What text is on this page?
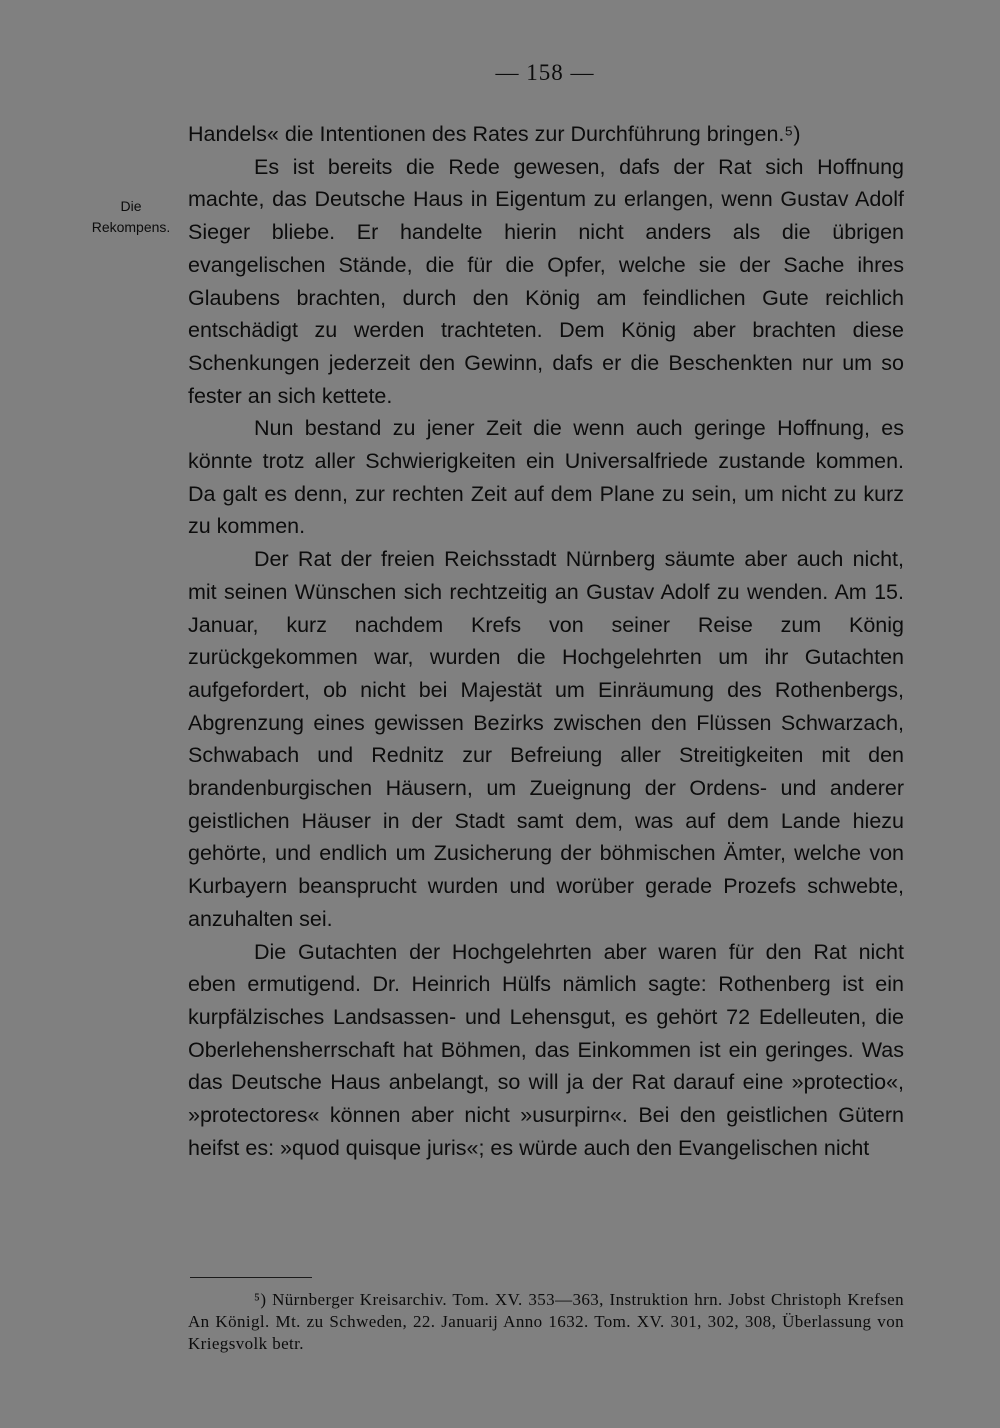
— 158 —
Die
Rekompens.

Handels« die Intentionen des Rates zur Durchführung bringen.⁵)

Es ist bereits die Rede gewesen, dafs der Rat sich Hoffnung machte, das Deutsche Haus in Eigentum zu erlangen, wenn Gustav Adolf Sieger bliebe. Er handelte hierin nicht anders als die übrigen evangelischen Stände, die für die Opfer, welche sie der Sache ihres Glaubens brachten, durch den König am feindlichen Gute reichlich entschädigt zu werden trachteten. Dem König aber brachten diese Schenkungen jederzeit den Gewinn, dafs er die Beschenkten nur um so fester an sich kettete.

Nun bestand zu jener Zeit die wenn auch geringe Hoffnung, es könnte trotz aller Schwierigkeiten ein Universalfriede zustande kommen. Da galt es denn, zur rechten Zeit auf dem Plane zu sein, um nicht zu kurz zu kommen.

Der Rat der freien Reichsstadt Nürnberg säumte aber auch nicht, mit seinen Wünschen sich rechtzeitig an Gustav Adolf zu wenden. Am 15. Januar, kurz nachdem Krefs von seiner Reise zum König zurückgekommen war, wurden die Hochgelehrten um ihr Gutachten aufgefordert, ob nicht bei Majestät um Einräumung des Rothenbergs, Abgrenzung eines gewissen Bezirks zwischen den Flüssen Schwarzach, Schwabach und Rednitz zur Befreiung aller Streitigkeiten mit den brandenburgischen Häusern, um Zueignung der Ordens- und anderer geistlichen Häuser in der Stadt samt dem, was auf dem Lande hiezu gehörte, und endlich um Zusicherung der böhmischen Ämter, welche von Kurbayern beansprucht wurden und worüber gerade Prozefs schwebte, anzuhalten sei.

Die Gutachten der Hochgelehrten aber waren für den Rat nicht eben ermutigend. Dr. Heinrich Hülfs nämlich sagte: Rothenberg ist ein kurpfälzisches Landsassen- und Lehensgut, es gehört 72 Edelleuten, die Oberlehensherrschaft hat Böhmen, das Einkommen ist ein geringes. Was das Deutsche Haus anbelangt, so will ja der Rat darauf eine »protectio«, »protectores« können aber nicht »usurpirn«. Bei den geistlichen Gütern heifst es: »quod quisque juris«; es würde auch den Evangelischen nicht

⁵) Nürnberger Kreisarchiv. Tom. XV. 353—363, Instruktion hrn. Jobst Christoph Krefsen An Königl. Mt. zu Schweden, 22. Januarij Anno 1632. Tom. XV. 301, 302, 308, Überlassung von Kriegsvolk betr.
